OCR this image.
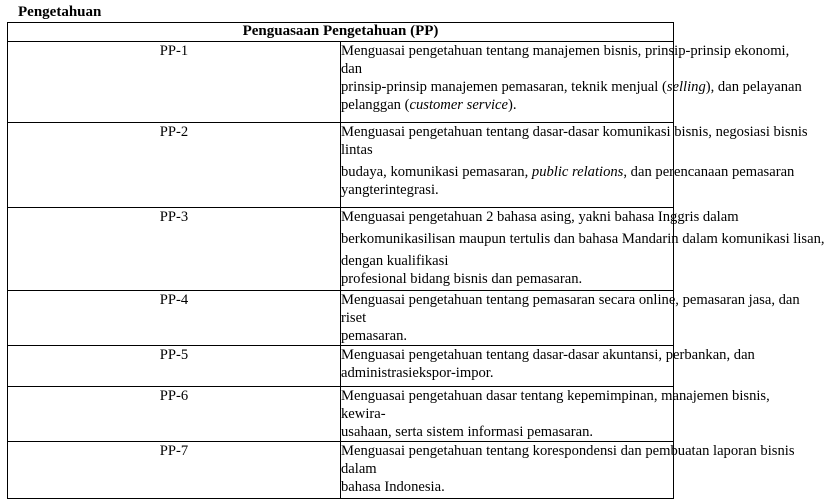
Pengetahuan
Penguasaan Pengetahuan (PP)	
PP-1	Menguasai pengetahuan tentang manajemen bisnis, prinsip-prinsip ekonomi,
dan
prinsip-prinsip manajemen pemasaran, teknik menjual (selling), dan pelayanan
pelanggan (customer service).

PP-2	Menguasai pengetahuan tentang dasar-dasar komunikasi bisnis, negosiasi bisnis
lintas
budaya, komunikasi pemasaran, public relations, dan perencanaan pemasaran
yangterintegrasi.

PP-3	Menguasai pengetahuan 2 bahasa asing, yakni bahasa Inggris dalam
berkomunikasilisan maupun tertulis dan bahasa Mandarin dalam komunikasi lisan,
dengan kualifikasi
profesional bidang bisnis dan pemasaran.

PP-4	Menguasai pengetahuan tentang pemasaran secara online, pemasaran jasa, dan
riset
pemasaran.

PP-5	Menguasai pengetahuan tentang dasar-dasar akuntansi, perbankan, dan
administrasiekspor-impor.

PP-6	Menguasai pengetahuan dasar tentang kepemimpinan, manajemen bisnis,
kewira-
usahaan, serta sistem informasi pemasaran.

PP-7	Menguasai pengetahuan tentang korespondensi dan pembuatan laporan bisnis
dalam
bahasa Indonesia.
